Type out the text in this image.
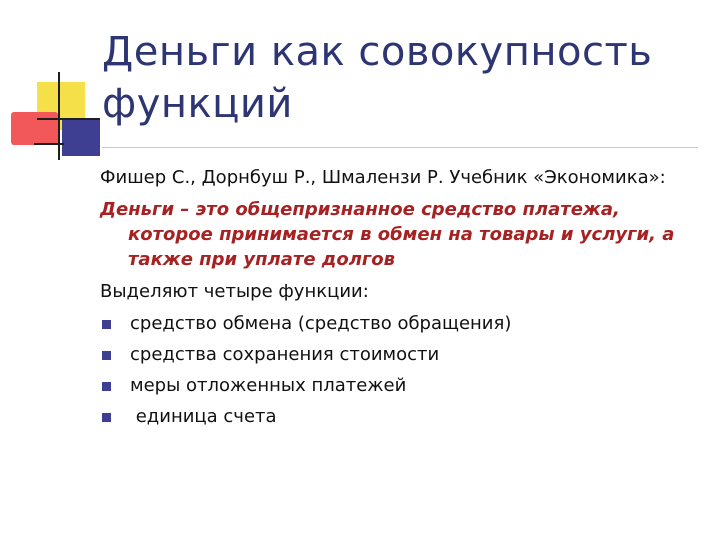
Деньги как совокупность функций

Фишер С., Дорнбуш Р., Шмалензи Р. Учебник «Экономика»:

Деньги – это общепризнанное средство платежа, которое принимается в обмен на товары и услуги, а также при уплате долгов

Выделяют четыре функции:

средство обмена (средство обращения)
средства сохранения стоимости
меры отложенных платежей
единица счета
